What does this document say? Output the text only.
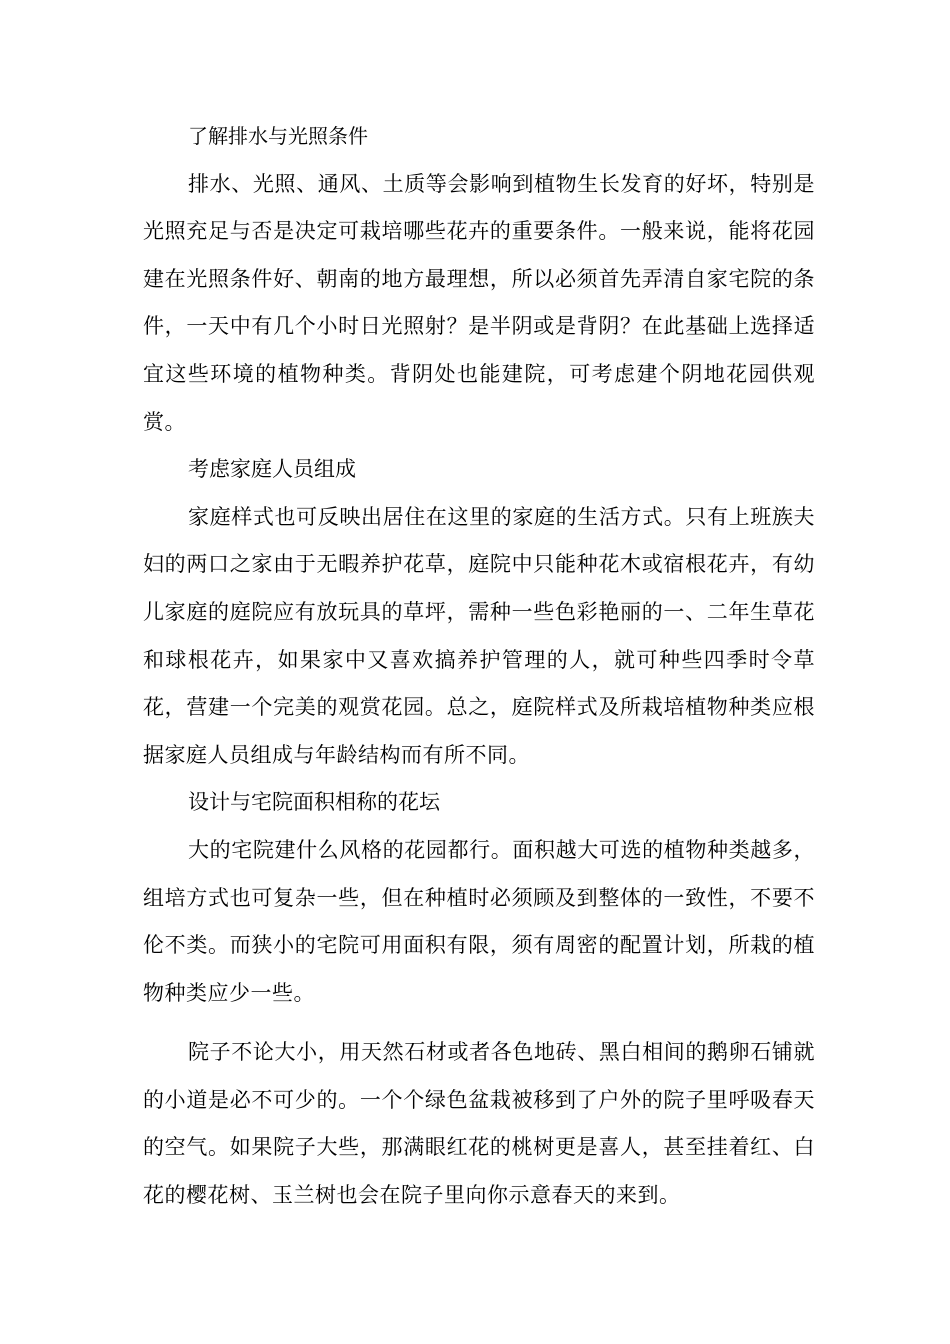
了解排水与光照条件

排水、光照、通风、土质等会影响到植物生长发育的好坏，特别是光照充足与否是决定可栽培哪些花卉的重要条件。一般来说，能将花园建在光照条件好、朝南的地方最理想，所以必须首先弄清自家宅院的条件，一天中有几个小时日光照射？是半阴或是背阴？在此基础上选择适宜这些环境的植物种类。背阴处也能建院，可考虑建个阴地花园供观赏。

考虑家庭人员组成

家庭样式也可反映出居住在这里的家庭的生活方式。只有上班族夫妇的两口之家由于无暇养护花草，庭院中只能种花木或宿根花卉，有幼儿家庭的庭院应有放玩具的草坪，需种一些色彩艳丽的一、二年生草花和球根花卉，如果家中又喜欢搞养护管理的人，就可种些四季时令草花，营建一个完美的观赏花园。总之，庭院样式及所栽培植物种类应根据家庭人员组成与年龄结构而有所不同。

设计与宅院面积相称的花坛

大的宅院建什么风格的花园都行。面积越大可选的植物种类越多，组培方式也可复杂一些，但在种植时必须顾及到整体的一致性，不要不伦不类。而狭小的宅院可用面积有限，须有周密的配置计划，所栽的植物种类应少一些。

院子不论大小，用天然石材或者各色地砖、黑白相间的鹅卵石铺就的小道是必不可少的。一个个绿色盆栽被移到了户外的院子里呼吸春天的空气。如果院子大些，那满眼红花的桃树更是喜人，甚至挂着红、白花的樱花树、玉兰树也会在院子里向你示意春天的来到。
